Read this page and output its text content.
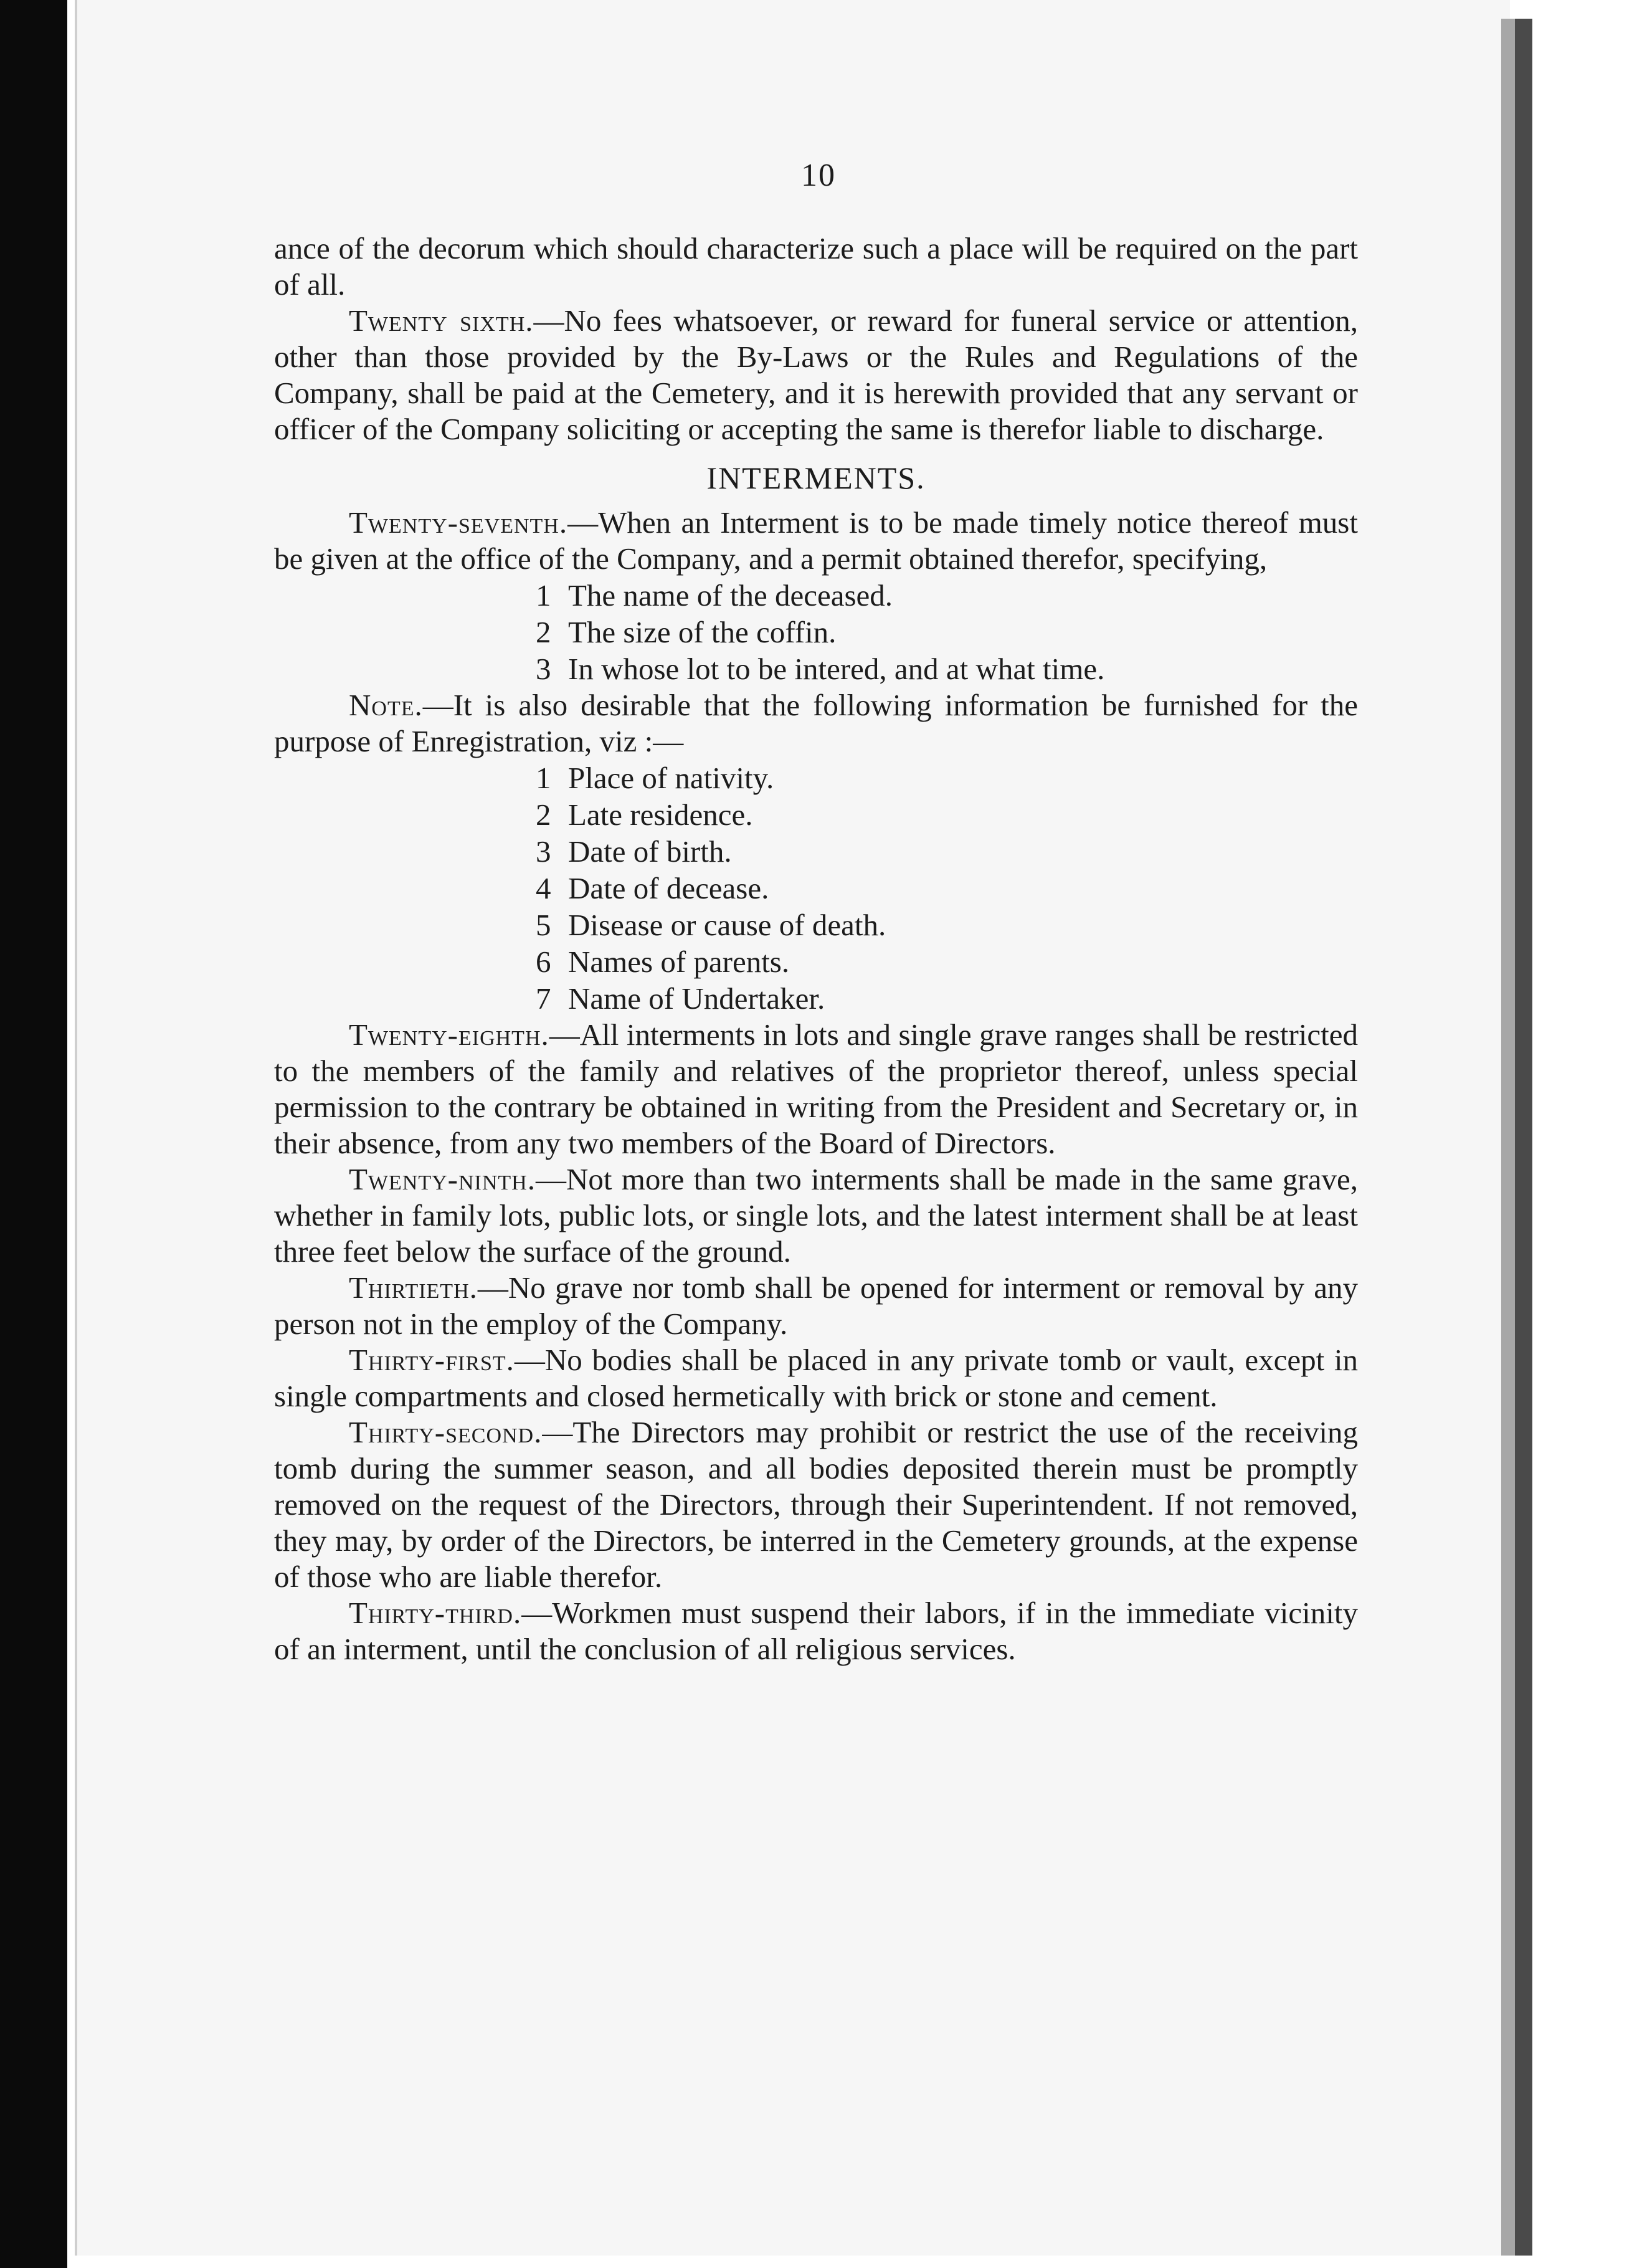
10

ance of the decorum which should characterize such a place will be required on the part of all.

Twenty sixth.—No fees whatsoever, or reward for funeral service or attention, other than those provided by the By-Laws or the Rules and Regulations of the Company, shall be paid at the Cemetery, and it is herewith provided that any servant or officer of the Company soliciting or accepting the same is therefor liable to discharge.

INTERMENTS.

Twenty-seventh.—When an Interment is to be made timely notice thereof must be given at the office of the Company, and a permit obtained therefor, specifying,

1 The name of the deceased.
2 The size of the coffin.
3 In whose lot to be intered, and at what time.

Note.—It is also desirable that the following information be furnished for the purpose of Enregistration, viz :—

1 Place of nativity.
2 Late residence.
3 Date of birth.
4 Date of decease.
5 Disease or cause of death.
6 Names of parents.
7 Name of Undertaker.

Twenty-eighth.—All interments in lots and single grave ranges shall be restricted to the members of the family and relatives of the proprietor thereof, unless special permission to the contrary be obtained in writing from the President and Secretary or, in their absence, from any two members of the Board of Directors.

Twenty-ninth.—Not more than two interments shall be made in the same grave, whether in family lots, public lots, or single lots, and the latest interment shall be at least three feet below the surface of the ground.

Thirtieth.—No grave nor tomb shall be opened for interment or removal by any person not in the employ of the Company.

Thirty-first.—No bodies shall be placed in any private tomb or vault, except in single compartments and closed hermetically with brick or stone and cement.

Thirty-second.—The Directors may prohibit or restrict the use of the receiving tomb during the summer season, and all bodies deposited therein must be promptly removed on the request of the Directors, through their Superintendent. If not removed, they may, by order of the Directors, be interred in the Cemetery grounds, at the expense of those who are liable therefor.

Thirty-third.—Workmen must suspend their labors, if in the immediate vicinity of an interment, until the conclusion of all religious services.
